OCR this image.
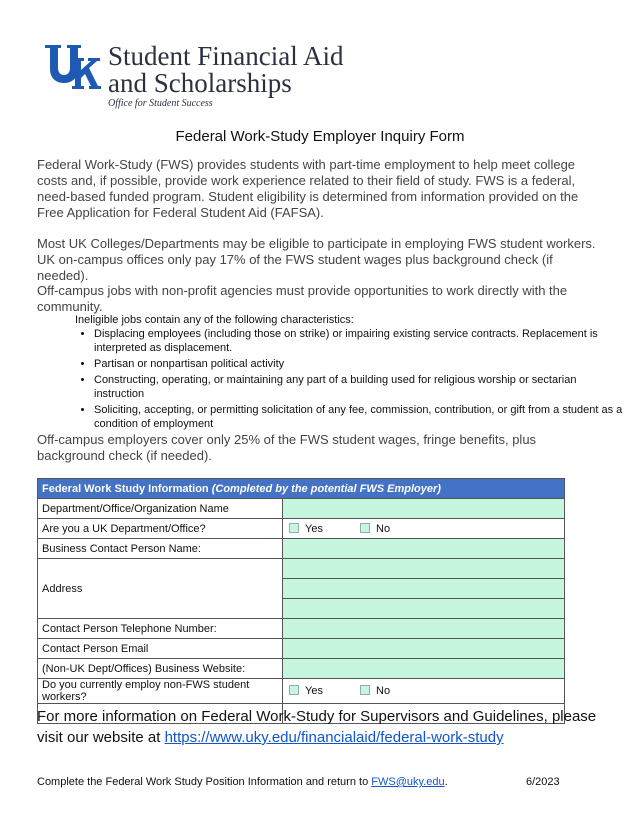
Student Financial Aid
and Scholarships
Office for Student Success
Federal Work-Study Employer Inquiry Form
Federal Work-Study (FWS) provides students with part-time employment to help meet college costs and, if possible, provide work experience related to their field of study. FWS is a federal, need-based funded program. Student eligibility is determined from information provided on the Free Application for Federal Student Aid (FAFSA).
Most UK Colleges/Departments may be eligible to participate in employing FWS student workers. UK on-campus offices only pay 17% of the FWS student wages plus background check (if needed).
Off-campus jobs with non-profit agencies must provide opportunities to work directly with the community.
Ineligible jobs contain any of the following characteristics:
• Displacing employees (including those on strike) or impairing existing service contracts. Replacement is interpreted as displacement.
• Partisan or nonpartisan political activity
• Constructing, operating, or maintaining any part of a building used for religious worship or sectarian instruction
• Soliciting, accepting, or permitting solicitation of any fee, commission, contribution, or gift from a student as a condition of employment
Off-campus employers cover only 25% of the FWS student wages, fringe benefits, plus background check (if needed).
Federal Work Study Information (Completed by the potential FWS Employer)	
Department/Office/Organization Name	
Are you a UK Department/Office?	Yes No
Business Contact Person Name:	
Address	

Contact Person Telephone Number:	
Contact Person Email	
(Non-UK Dept/Offices) Business Website:	
Do you currently employ non-FWS student workers?	Yes No

For more information on Federal Work-Study for Supervisors and Guidelines, please visit our website at https://www.uky.edu/financialaid/federal-work-study
Complete the Federal Work Study Position Information and return to FWS@uky.edu.	6/2023
